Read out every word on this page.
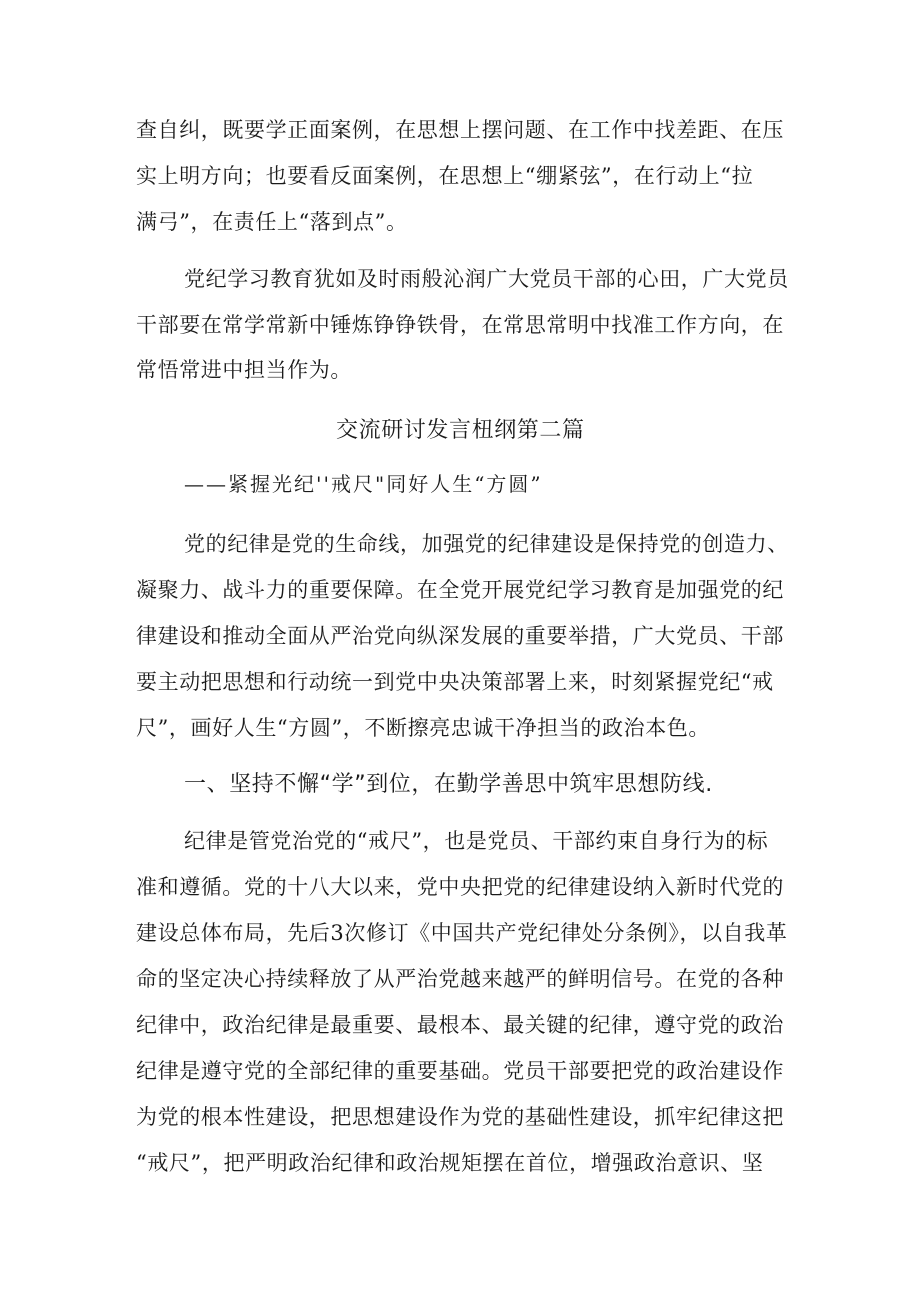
查自纠，既要学正面案例，在思想上摆问题、在工作中找差距、在压
实上明方向；也要看反面案例，在思想上“绷紧弦”，在行动上“拉
满弓”，在责任上“落到点”。
党纪学习教育犹如及时雨般沁润广大党员干部的心田，广大党员
干部要在常学常新中锤炼铮铮铁骨，在常思常明中找准工作方向，在
常悟常进中担当作为。
交流研讨发言杻纲第二篇
——紧握光纪''戒尺"同好人生“方圆”
党的纪律是党的生命线，加强党的纪律建设是保持党的创造力、
凝聚力、战斗力的重要保障。在全党开展党纪学习教育是加强党的纪
律建设和推动全面从严治党向纵深发展的重要举措，广大党员、干部
要主动把思想和行动统一到党中央决策部署上来，时刻紧握党纪“戒
尺”，画好人生“方圆”，不断擦亮忠诚干净担当的政治本色。
一、坚持不懈“学”到位，在勤学善思中筑牢思想防线.
纪律是管党治党的“戒尺”，也是党员、干部约束自身行为的标
准和遵循。党的十八大以来，党中央把党的纪律建设纳入新时代党的
建设总体布局，先后3次修订《中国共产党纪律处分条例》，以自我革
命的坚定决心持续释放了从严治党越来越严的鲜明信号。在党的各种
纪律中，政治纪律是最重要、最根本、最关键的纪律，遵守党的政治
纪律是遵守党的全部纪律的重要基础。党员干部要把党的政治建设作
为党的根本性建设，把思想建设作为党的基础性建设，抓牢纪律这把
“戒尺”，把严明政治纪律和政治规矩摆在首位，增强政治意识、坚
